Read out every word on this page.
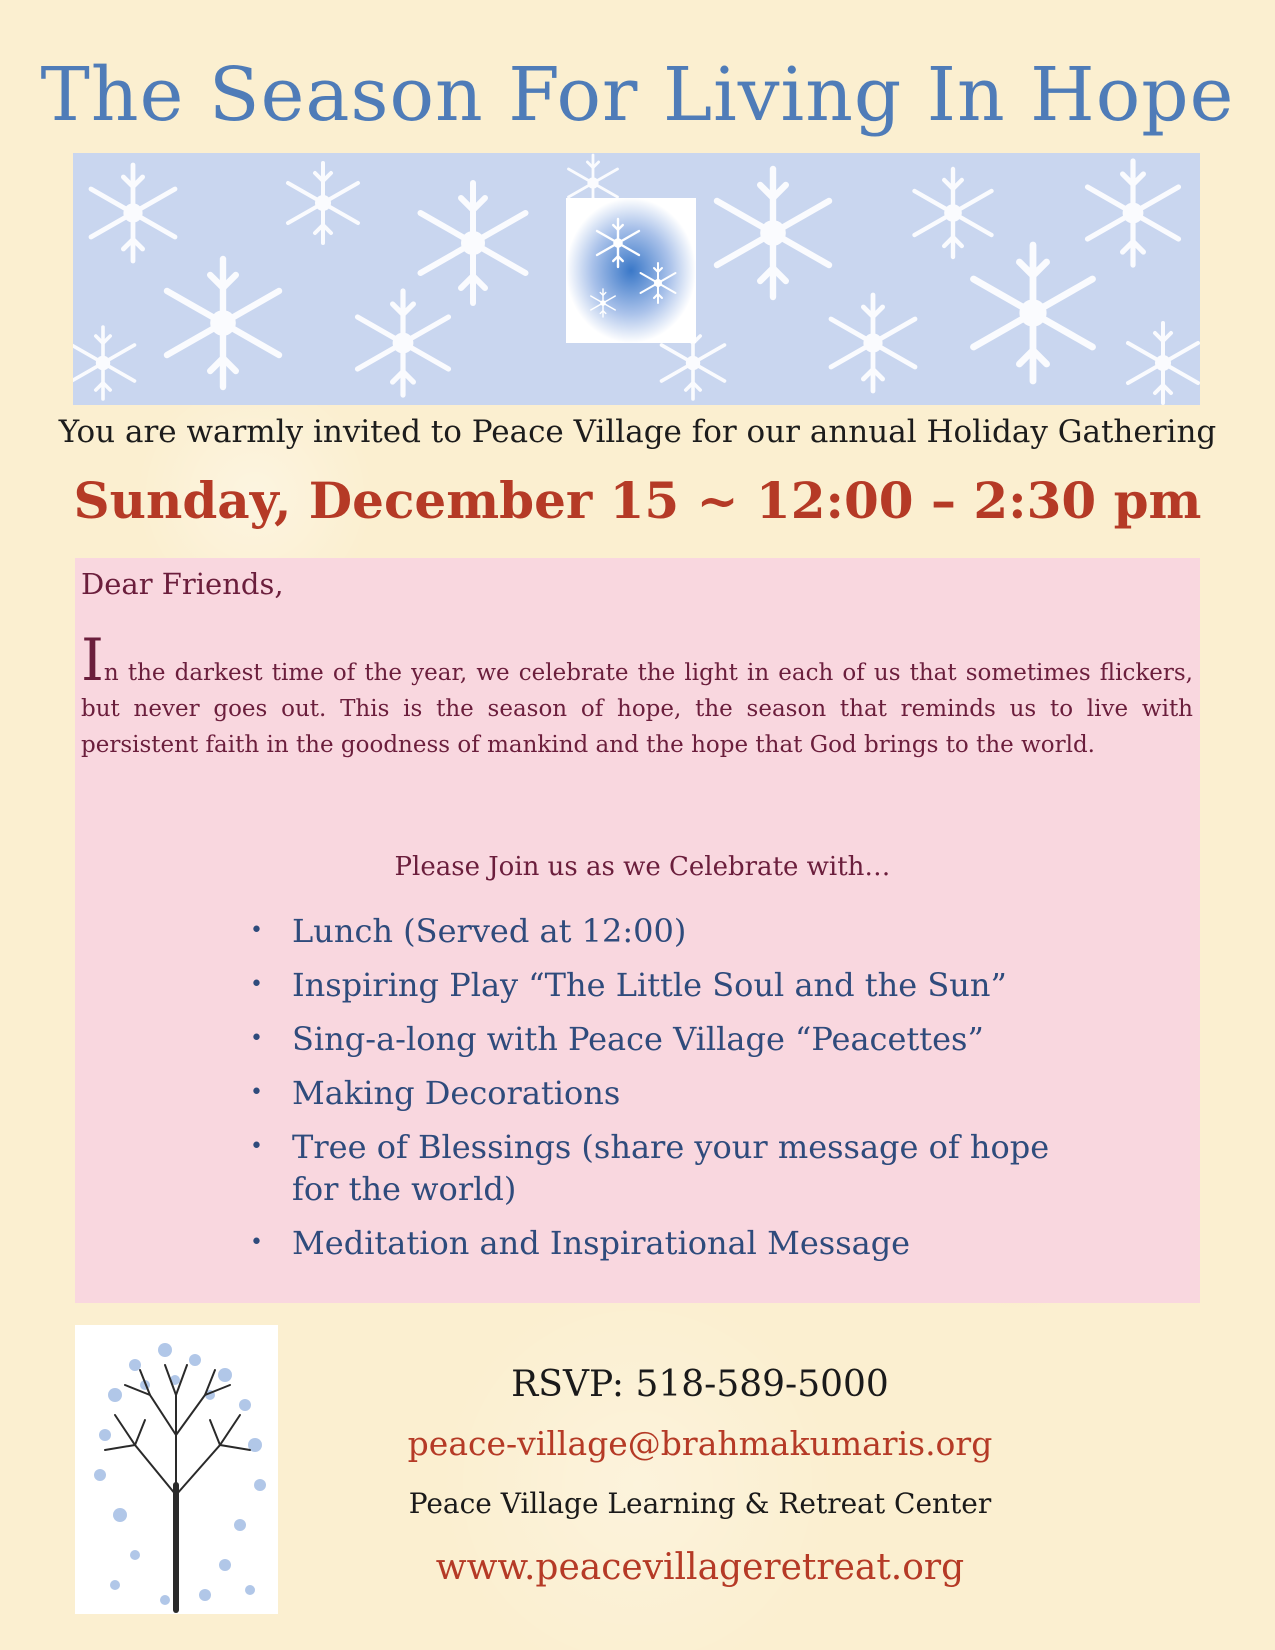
The Season For Living In Hope
You are warmly invited to Peace Village for our annual Holiday Gathering
Sunday, December 15 ~ 12:00 – 2:30 pm
Dear Friends,
In the darkest time of the year, we celebrate the light in each of us that sometimes flickers, but never goes out. This is the season of hope, the season that reminds us to live with persistent faith in the goodness of mankind and the hope that God brings to the world.
Please Join us as we Celebrate with…
• Lunch (Served at 12:00)
• Inspiring Play “The Little Soul and the Sun”
• Sing-a-long with Peace Village “Peacettes”
• Making Decorations
• Tree of Blessings (share your message of hope for the world)
• Meditation and Inspirational Message
RSVP: 518-589-5000
peace-village@brahmakumaris.org
Peace Village Learning & Retreat Center
www.peacevillageretreat.org
